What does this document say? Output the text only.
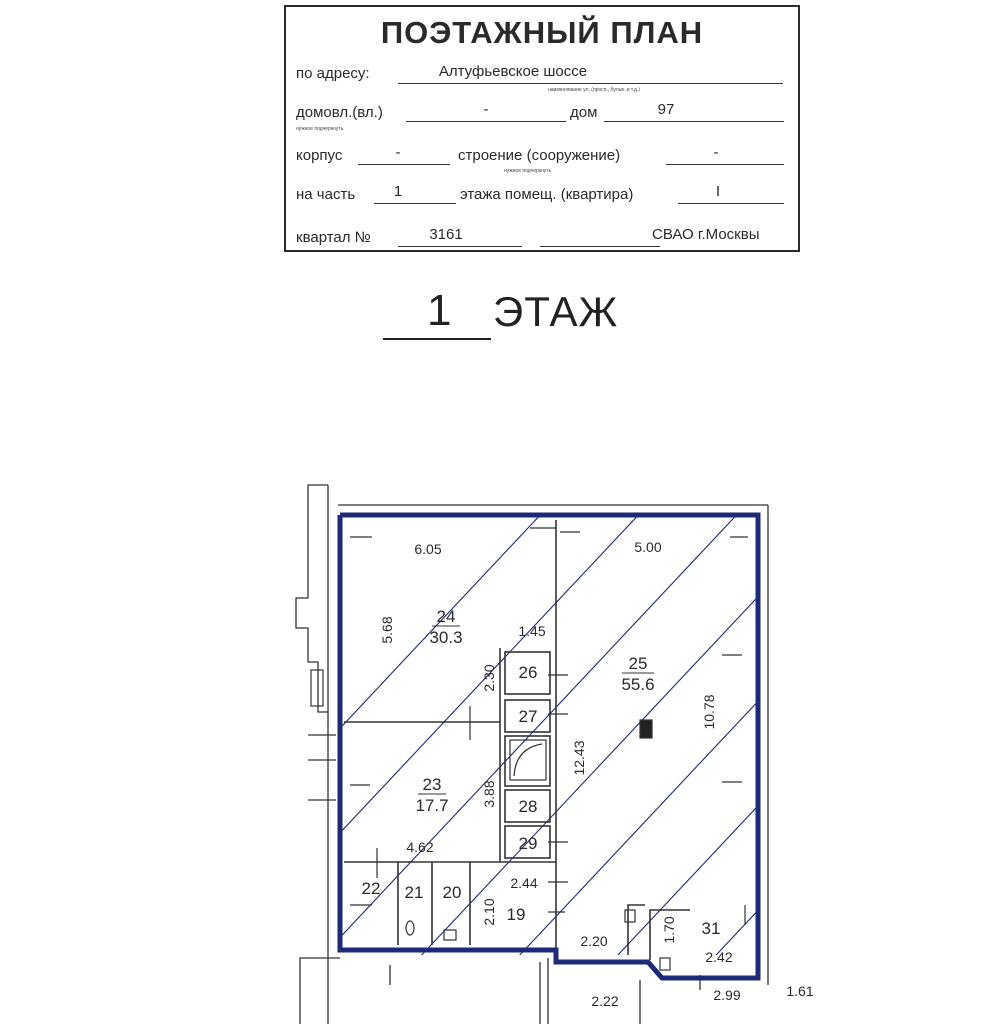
ПОЭТАЖНЫЙ ПЛАН
по адресу:	Алтуфьевское шоссе
наименование ул. (просп., бульв. и т.д.)
домовл.(вл.)	-
нужное подчеркнуть
дом	97
корпус	-	строение (сооружение)	-
нужное подчеркнуть
на часть	1	этажа помещ. (квартира)	I
квартал №	3161	СВАО г.Москвы
1 ЭТАЖ
24
30.3
25
55.6
23
17.7
26
27
28
29
22 21 20
19
31
6.05	5.00
5.68	1.45
2.30
10.78
12.43
3.88
4.62
2.44
2.10
2.20	1.70
2.42
2.22	2.99	1.61
